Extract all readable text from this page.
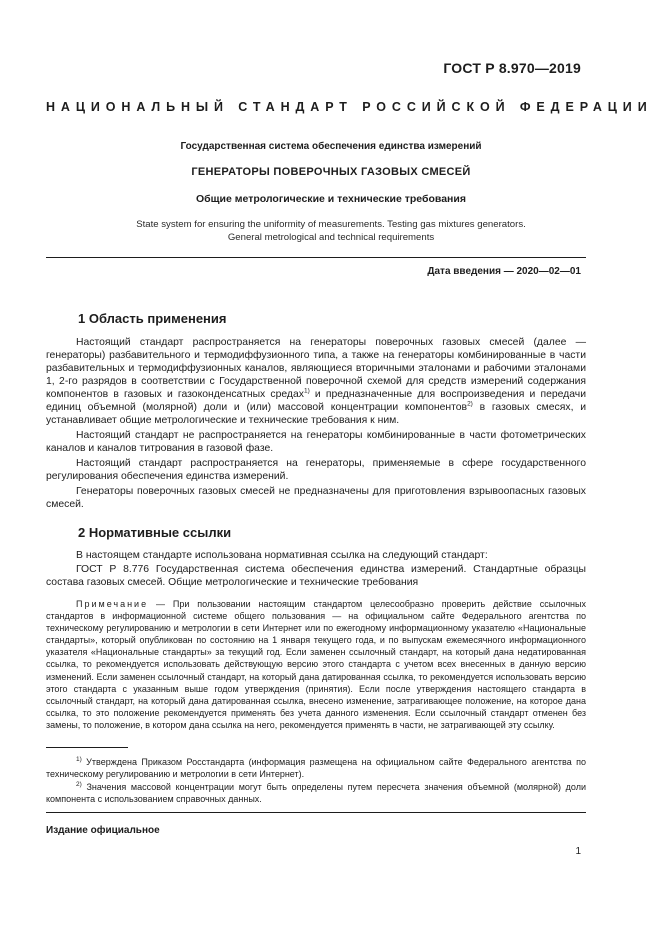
ГОСТ Р 8.970—2019
НАЦИОНАЛЬНЫЙ СТАНДАРТ РОССИЙСКОЙ ФЕДЕРАЦИИ
Государственная система обеспечения единства измерений
ГЕНЕРАТОРЫ ПОВЕРОЧНЫХ ГАЗОВЫХ СМЕСЕЙ
Общие метрологические и технические требования
State system for ensuring the uniformity of measurements. Testing gas mixtures generators.
General metrological and technical requirements
Дата введения — 2020—02—01
1 Область применения

Настоящий стандарт распространяется на генераторы поверочных газовых смесей (далее — генераторы) разбавительного и термодиффузионного типа, а также на генераторы комбинированные в части разбавительных и термодиффузионных каналов, являющиеся вторичными эталонами и рабочими эталонами 1, 2-го разрядов в соответствии с Государственной поверочной схемой для средств измерений содержания компонентов в газовых и газоконденсатных средах$^{1)}$ и предназначенные для воспроизведения и передачи единиц объемной (молярной) доли и (или) массовой концентрации компонентов$^{2)}$ в газовых смесях, и устанавливает общие метрологические и технические требования к ним.

Настоящий стандарт не распространяется на генераторы комбинированные в части фотометрических каналов и каналов титрования в газовой фазе.

Настоящий стандарт распространяется на генераторы, применяемые в сфере государственного регулирования обеспечения единства измерений.

Генераторы поверочных газовых смесей не предназначены для приготовления взрывоопасных газовых смесей.

2 Нормативные ссылки

В настоящем стандарте использована нормативная ссылка на следующий стандарт:

ГОСТ Р 8.776 Государственная система обеспечения единства измерений. Стандартные образцы состава газовых смесей. Общие метрологические и технические требования

Примечание — При пользовании настоящим стандартом целесообразно проверить действие ссылочных стандартов в информационной системе общего пользования — на официальном сайте Федерального агентства по техническому регулированию и метрологии в сети Интернет или по ежегодному информационному указателю «Национальные стандарты», который опубликован по состоянию на 1 января текущего года, и по выпускам ежемесячного информационного указателя «Национальные стандарты» за текущий год. Если заменен ссылочный стандарт, на который дана недатированная ссылка, то рекомендуется использовать действующую версию этого стандарта с учетом всех внесенных в данную версию изменений. Если заменен ссылочный стандарт, на который дана датированная ссылка, то рекомендуется использовать версию этого стандарта с указанным выше годом утверждения (принятия). Если после утверждения настоящего стандарта в ссылочный стандарт, на который дана датированная ссылка, внесено изменение, затрагивающее положение, на которое дана ссылка, то это положение рекомендуется применять без учета данного изменения. Если ссылочный стандарт отменен без замены, то положение, в котором дана ссылка на него, рекомендуется применять в части, не затрагивающей эту ссылку.

$^{1)}$ Утверждена Приказом Росстандарта (информация размещена на официальном сайте Федерального агентства по техническому регулированию и метрологии в сети Интернет).

$^{2)}$ Значения массовой концентрации могут быть определены путем пересчета значения объемной (молярной) доли компонента с использованием справочных данных.

Издание официальное
1
